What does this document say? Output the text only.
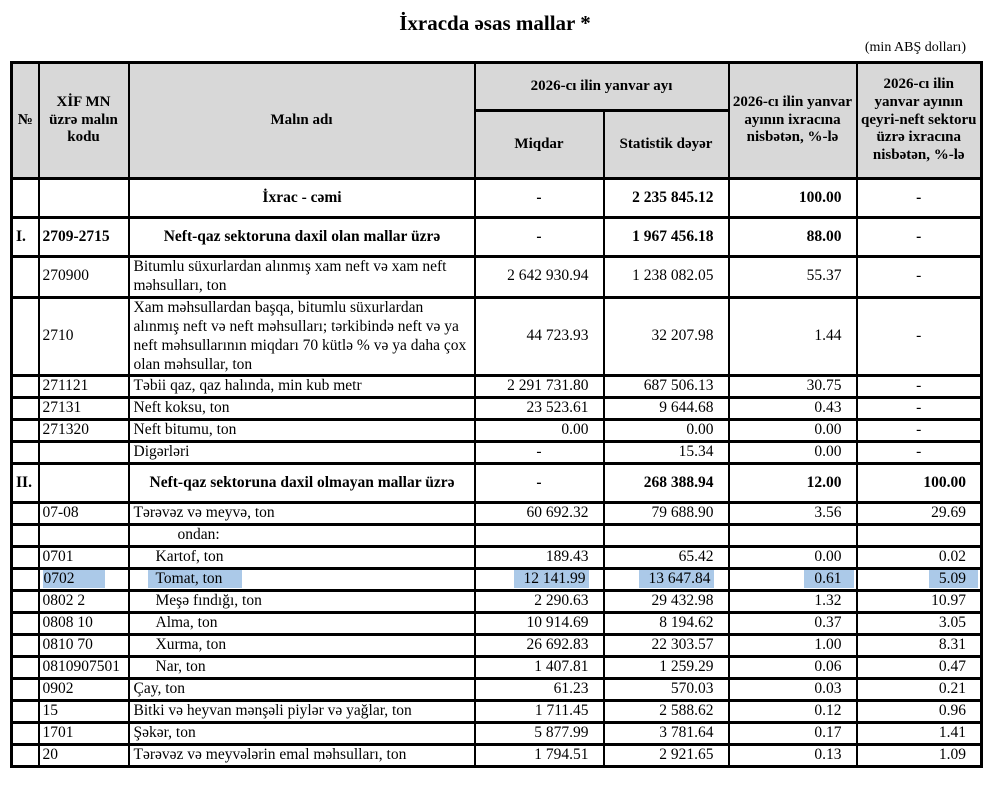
İxracda əsas mallar *
(min ABŞ dolları)
№	XİF MN üzrə malın kodu	Malın adı	2026-cı ilin yanvar ayı		2026-cı ilin yanvar ayının ixracına nisbətən, %-lə	2026-cı ilin yanvar ayının qeyri-neft sektoru üzrə ixracına nisbətən, %-lə
			Miqdar	Statistik dəyər		
		İxrac - cəmi	-	2 235 845.12	100.00	-
I.	2709-2715	Neft-qaz sektoruna daxil olan mallar üzrə	-	1 967 456.18	88.00	-
	270900	Bitumlu süxurlardan alınmış xam neft və xam neft məhsulları, ton	2 642 930.94	1 238 082.05	55.37	-
	2710	Xam məhsullardan başqa, bitumlu süxurlardan alınmış neft və neft məhsulları; tərkibində neft və ya neft məhsullarının miqdarı 70 kütlə % və ya daha çox olan məhsullar, ton	44 723.93	32 207.98	1.44	-
	271121	Təbii qaz, qaz halında, min kub metr	2 291 731.80	687 506.13	30.75	-
	27131	Neft koksu, ton	23 523.61	9 644.68	0.43	-
	271320	Neft bitumu, ton	0.00	0.00	0.00	-
		Digərləri	-	15.34	0.00	-
II.		Neft-qaz sektoruna daxil olmayan mallar üzrə	-	268 388.94	12.00	100.00
	07-08	Tərəvəz və meyvə, ton	60 692.32	79 688.90	3.56	29.69
		ondan:				
	0701	Kartof, ton	189.43	65.42	0.00	0.02
	0702	Tomat, ton	12 141.99	13 647.84	0.61	5.09
	0802 2	Meşə fındığı, ton	2 290.63	29 432.98	1.32	10.97
	0808 10	Alma, ton	10 914.69	8 194.62	0.37	3.05
	0810 70	Xurma, ton	26 692.83	22 303.57	1.00	8.31
	0810907501	Nar, ton	1 407.81	1 259.29	0.06	0.47
	0902	Çay, ton	61.23	570.03	0.03	0.21
	15	Bitki və heyvan mənşəli piylər və yağlar, ton	1 711.45	2 588.62	0.12	0.96
	1701	Şəkər, ton	5 877.99	3 781.64	0.17	1.41
	20	Tərəvəz və meyvələrin emal məhsulları, ton	1 794.51	2 921.65	0.13	1.09
